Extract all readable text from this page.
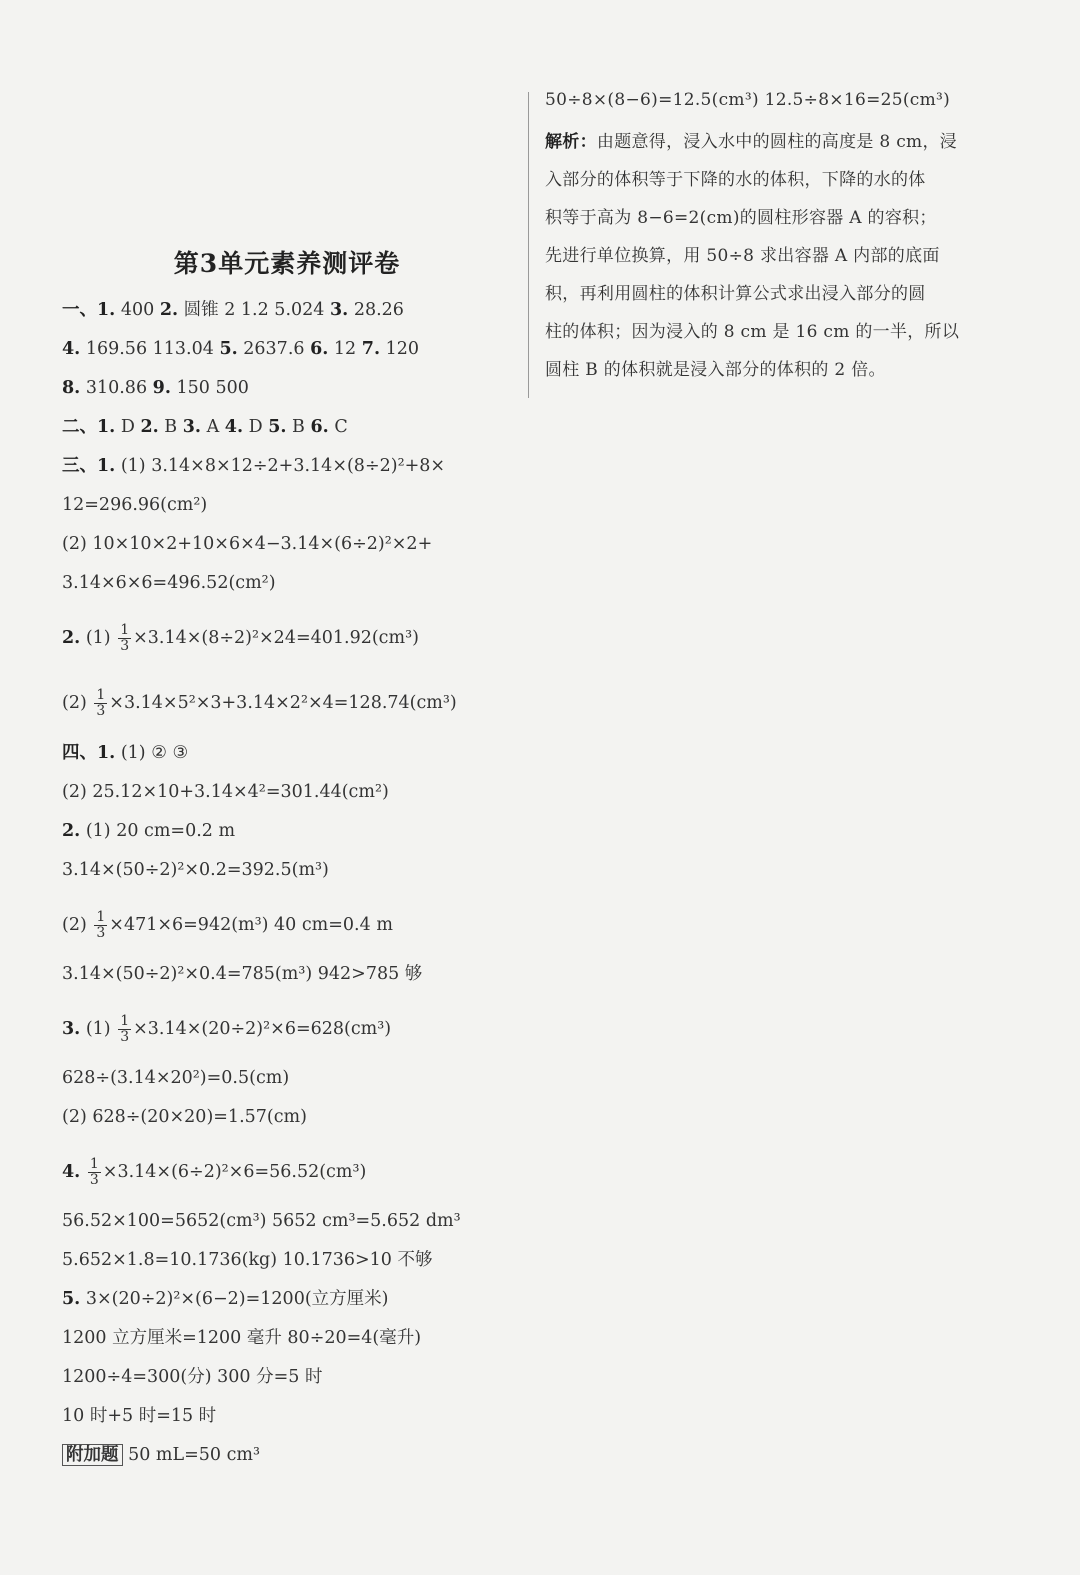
第3单元素养测评卷
一、1. 400 2. 圆锥 2 1.2 5.024 3. 28.26
4. 169.56 113.04 5. 2637.6 6. 12 7. 120
8. 310.86 9. 150 500
二、1. D 2. B 3. A 4. D 5. B 6. C
三、1. (1) 3.14×8×12÷2+3.14×(8÷2)²+8×
12=296.96(cm²)
(2) 10×10×2+10×6×4−3.14×(6÷2)²×2+
3.14×6×6=496.52(cm²)
2. $(1) \frac{1}{3} \times 3.14\times(8\div 2)^2\times 24=401.92(cm^3)$
$(2) \frac{1}{3} \times 3.14\times 5^2\times 3+3.14\times 2^2\times 4=128.74(cm^3)$
四、1. (1) ② ③
(2) 25.12×10+3.14×4²=301.44(cm²)
2. (1) 20 cm=0.2 m
3.14×(50÷2)²×0.2=392.5(m³)
$(2) \frac{1}{3} \times 471\times 6=942(m^3)$ 40 cm=0.4 m
3.14×(50÷2)²×0.4=785(m³) 942>785 够
3. $(1) \frac{1}{3} \times 3.14\times(20\div 2)^2\times 6=628(cm^3)$
628÷(3.14×20²)=0.5(cm)
(2) 628÷(20×20)=1.57(cm)
4. $\frac{1}{3} \times 3.14\times(6\div 2)^2\times 6=56.52(cm^3)$
56.52×100=5652(cm³) 5652 cm³=5.652 dm³
5.652×1.8=10.1736(kg) 10.1736>10 不够
5. 3×(20÷2)²×(6−2)=1200(立方厘米)
1200 立方厘米=1200 毫升 80÷20=4(毫升)
1200÷4=300(分) 300 分=5 时
10 时+5 时=15 时
附加题 50 mL=50 cm³
50÷8×(8−6)=12.5(cm³) 12.5÷8×16=25(cm³)
解析：由题意得，浸入水中的圆柱的高度是 8 cm，浸
入部分的体积等于下降的水的体积，下降的水的体
积等于高为 8−6=2(cm)的圆柱形容器 A 的容积；
先进行单位换算，用 50÷8 求出容器 A 内部的底面
积，再利用圆柱的体积计算公式求出浸入部分的圆
柱的体积；因为浸入的 8 cm 是 16 cm 的一半，所以
圆柱 B 的体积就是浸入部分的体积的 2 倍。
